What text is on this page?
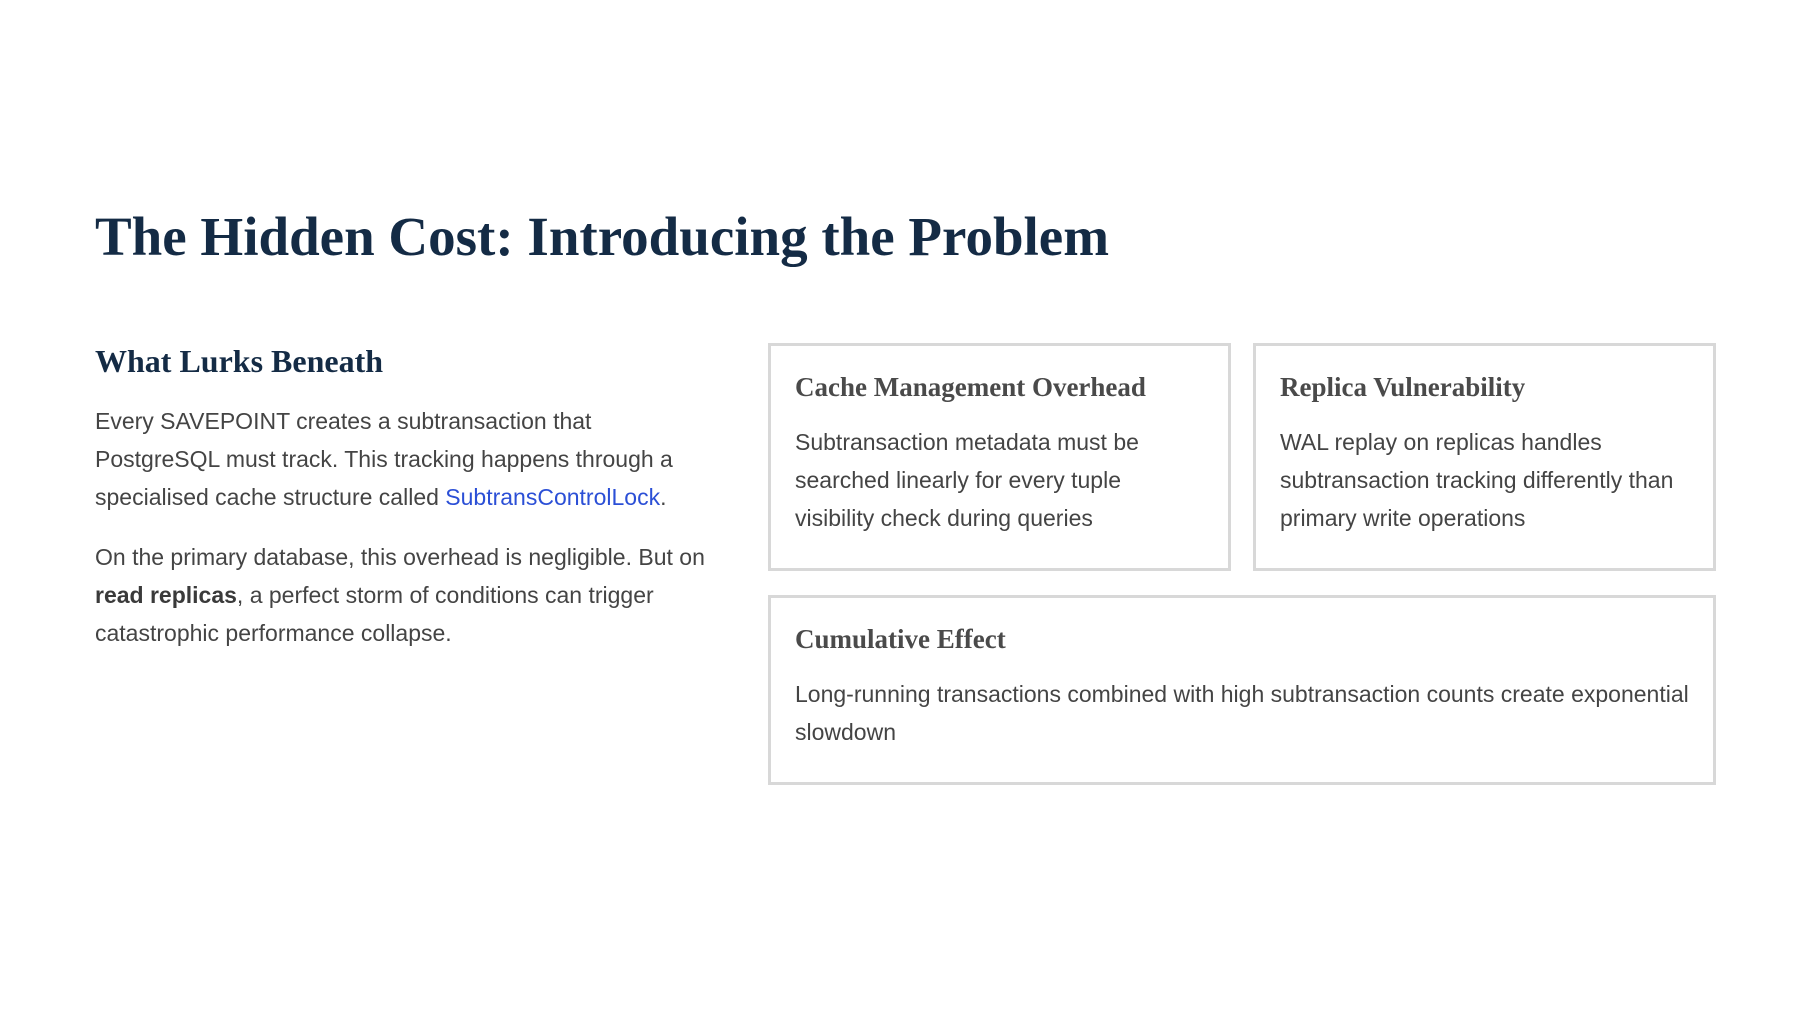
The Hidden Cost: Introducing the Problem
What Lurks Beneath

Every SAVEPOINT creates a subtransaction that PostgreSQL must track. This tracking happens through a specialised cache structure called SubtransControlLock.

On the primary database, this overhead is negligible. But on read replicas, a perfect storm of conditions can trigger catastrophic performance collapse.

Cache Management Overhead

Subtransaction metadata must be searched linearly for every tuple visibility check during queries

Replica Vulnerability

WAL replay on replicas handles subtransaction tracking differently than primary write operations

Cumulative Effect

Long-running transactions combined with high subtransaction counts create exponential slowdown
